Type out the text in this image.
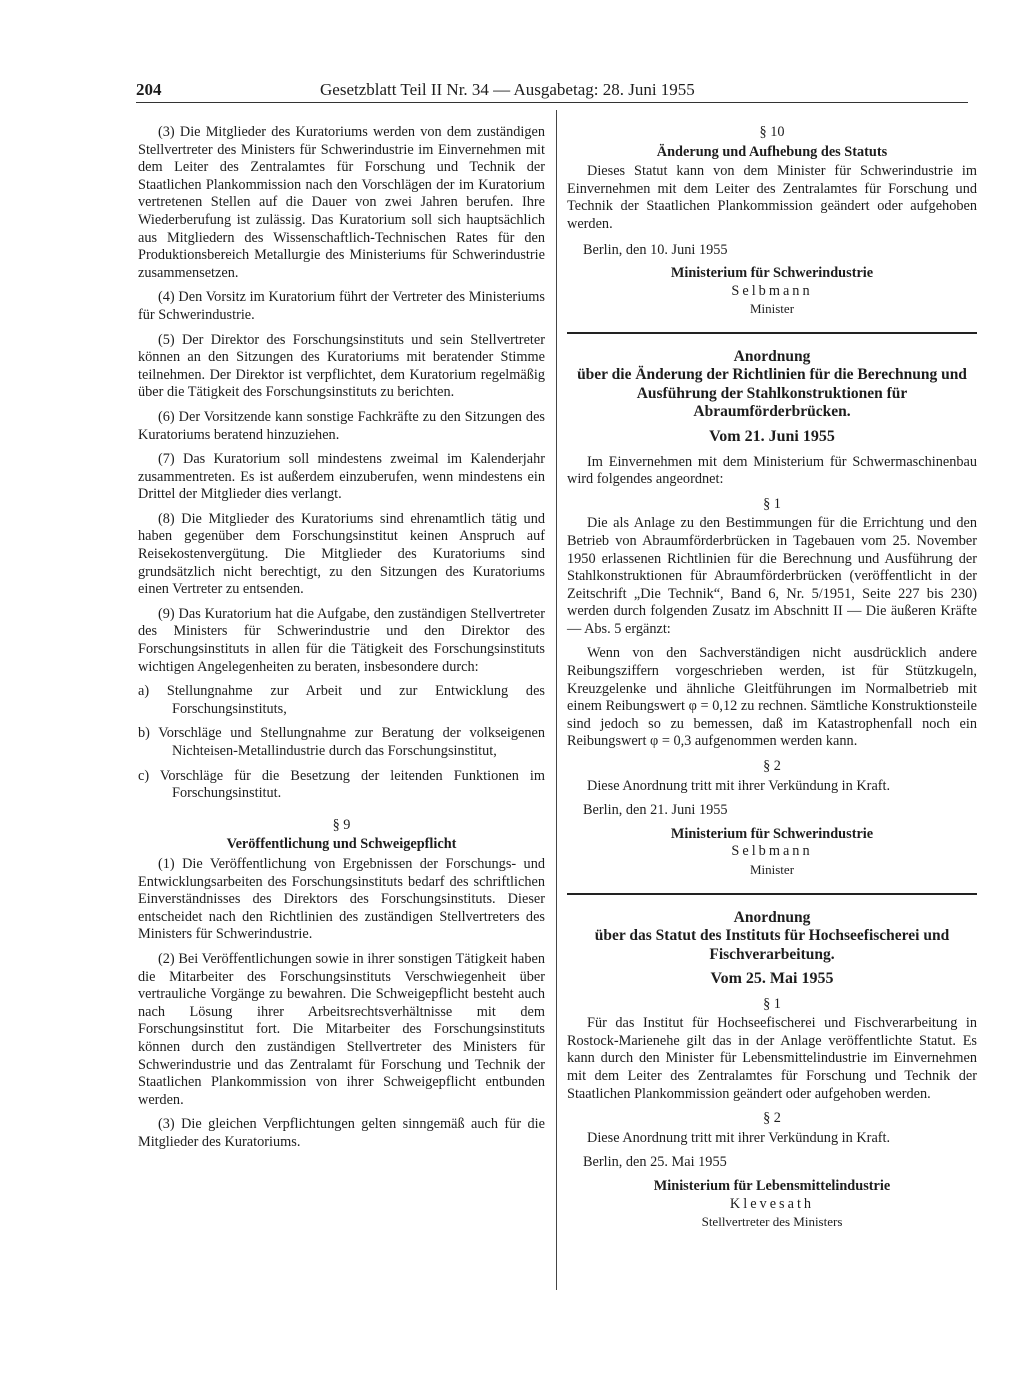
204	Gesetzblatt Teil II Nr. 34 — Ausgabetag: 28. Juni 1955

(3) Die Mitglieder des Kuratoriums werden von dem zuständigen Stellvertreter des Ministers für Schwerindustrie im Einvernehmen mit dem Leiter des Zentralamtes für Forschung und Technik der Staatlichen Plankommission nach den Vorschlägen der im Kuratorium vertretenen Stellen auf die Dauer von zwei Jahren berufen. Ihre Wiederberufung ist zulässig. Das Kuratorium soll sich hauptsächlich aus Mitgliedern des Wissenschaftlich-Technischen Rates für den Produktionsbereich Metallurgie des Ministeriums für Schwerindustrie zusammensetzen.

(4) Den Vorsitz im Kuratorium führt der Vertreter des Ministeriums für Schwerindustrie.

(5) Der Direktor des Forschungsinstituts und sein Stellvertreter können an den Sitzungen des Kuratoriums mit beratender Stimme teilnehmen. Der Direktor ist verpflichtet, dem Kuratorium regelmäßig über die Tätigkeit des Forschungsinstituts zu berichten.

(6) Der Vorsitzende kann sonstige Fachkräfte zu den Sitzungen des Kuratoriums beratend hinzuziehen.

(7) Das Kuratorium soll mindestens zweimal im Kalenderjahr zusammentreten. Es ist außerdem einzuberufen, wenn mindestens ein Drittel der Mitglieder dies verlangt.

(8) Die Mitglieder des Kuratoriums sind ehrenamtlich tätig und haben gegenüber dem Forschungsinstitut keinen Anspruch auf Reisekostenvergütung. Die Mitglieder des Kuratoriums sind grundsätzlich nicht berechtigt, zu den Sitzungen des Kuratoriums einen Vertreter zu entsenden.

(9) Das Kuratorium hat die Aufgabe, den zuständigen Stellvertreter des Ministers für Schwerindustrie und den Direktor des Forschungsinstituts in allen für die Tätigkeit des Forschungsinstituts wichtigen Angelegenheiten zu beraten, insbesondere durch:

a) Stellungnahme zur Arbeit und zur Entwicklung des Forschungsinstituts,

b) Vorschläge und Stellungnahme zur Beratung der volkseigenen Nichteisen-Metallindustrie durch das Forschungsinstitut,

c) Vorschläge für die Besetzung der leitenden Funktionen im Forschungsinstitut.

§ 9

Veröffentlichung und Schweigepflicht

(1) Die Veröffentlichung von Ergebnissen der Forschungs- und Entwicklungsarbeiten des Forschungsinstituts bedarf des schriftlichen Einverständnisses des Direktors des Forschungsinstituts. Dieser entscheidet nach den Richtlinien des zuständigen Stellvertreters des Ministers für Schwerindustrie.

(2) Bei Veröffentlichungen sowie in ihrer sonstigen Tätigkeit haben die Mitarbeiter des Forschungsinstituts Verschwiegenheit über vertrauliche Vorgänge zu bewahren. Die Schweigepflicht besteht auch nach Lösung ihrer Arbeitsrechtsverhältnisse mit dem Forschungsinstitut fort. Die Mitarbeiter des Forschungsinstituts können durch den zuständigen Stellvertreter des Ministers für Schwerindustrie und das Zentralamt für Forschung und Technik der Staatlichen Plankommission von ihrer Schweigepflicht entbunden werden.

(3) Die gleichen Verpflichtungen gelten sinngemäß auch für die Mitglieder des Kuratoriums.

§ 10

Änderung und Aufhebung des Statuts

Dieses Statut kann von dem Minister für Schwerindustrie im Einvernehmen mit dem Leiter des Zentralamtes für Forschung und Technik der Staatlichen Plankommission geändert oder aufgehoben werden.

Berlin, den 10. Juni 1955

Ministerium für Schwerindustrie

Selbmann

Minister

Anordnung

über die Änderung der Richtlinien für die Berechnung und Ausführung der Stahlkonstruktionen für Abraumförderbrücken.

Vom 21. Juni 1955

Im Einvernehmen mit dem Ministerium für Schwermaschinenbau wird folgendes angeordnet:

§ 1

Die als Anlage zu den Bestimmungen für die Errichtung und den Betrieb von Abraumförderbrücken in Tagebauen vom 25. November 1950 erlassenen Richtlinien für die Berechnung und Ausführung der Stahlkonstruktionen für Abraumförderbrücken (veröffentlicht in der Zeitschrift „Die Technik“, Band 6, Nr. 5/1951, Seite 227 bis 230) werden durch folgenden Zusatz im Abschnitt II — Die äußeren Kräfte — Abs. 5 ergänzt:

Wenn von den Sachverständigen nicht ausdrücklich andere Reibungsziffern vorgeschrieben werden, ist für Stützkugeln, Kreuzgelenke und ähnliche Gleitführungen im Normalbetrieb mit einem Reibungswert φ = 0,12 zu rechnen. Sämtliche Konstruktionsteile sind jedoch so zu bemessen, daß im Katastrophenfall noch ein Reibungswert φ = 0,3 aufgenommen werden kann.

§ 2

Diese Anordnung tritt mit ihrer Verkündung in Kraft.

Berlin, den 21. Juni 1955

Ministerium für Schwerindustrie

Selbmann

Minister

Anordnung

über das Statut des Instituts für Hochseefischerei und Fischverarbeitung.

Vom 25. Mai 1955

§ 1

Für das Institut für Hochseefischerei und Fischverarbeitung in Rostock-Marienehe gilt das in der Anlage veröffentlichte Statut. Es kann durch den Minister für Lebensmittelindustrie im Einvernehmen mit dem Leiter des Zentralamtes für Forschung und Technik der Staatlichen Plankommission geändert oder aufgehoben werden.

§ 2

Diese Anordnung tritt mit ihrer Verkündung in Kraft.

Berlin, den 25. Mai 1955

Ministerium für Lebensmittelindustrie

Klevesath

Stellvertreter des Ministers
